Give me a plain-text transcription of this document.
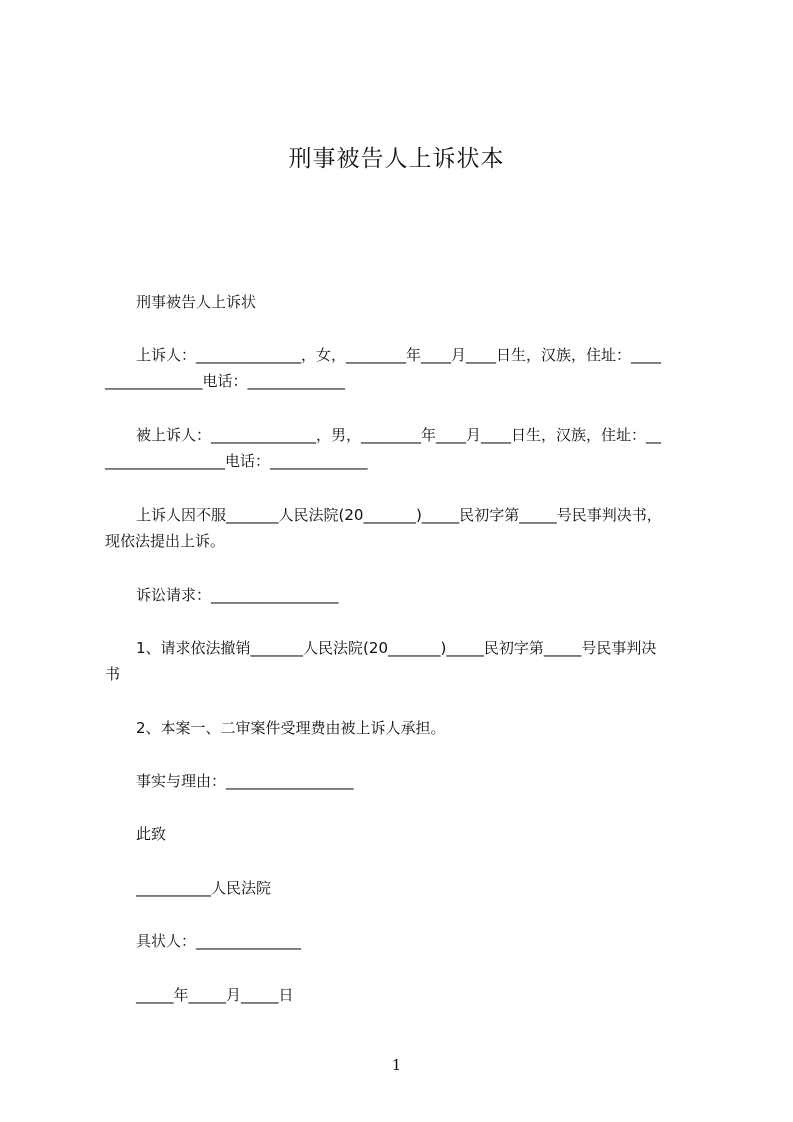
刑事被告人上诉状本
刑事被告人上诉状
上诉人：______________，女，________年____月____日生，汉族，住址：____
_____________电话：_____________
被上诉人：______________，男，________年____月____日生，汉族，住址：__
________________电话：_____________
上诉人因不服_______人民法院(20_______)_____民初字第_____号民事判决书，
现依法提出上诉。
诉讼请求：_________________
1、请求依法撤销_______人民法院(20_______)_____民初字第_____号民事判决
书
2、本案一、二审案件受理费由被上诉人承担。
事实与理由：_________________
此致
__________人民法院
具状人：______________
_____年_____月_____日
1
